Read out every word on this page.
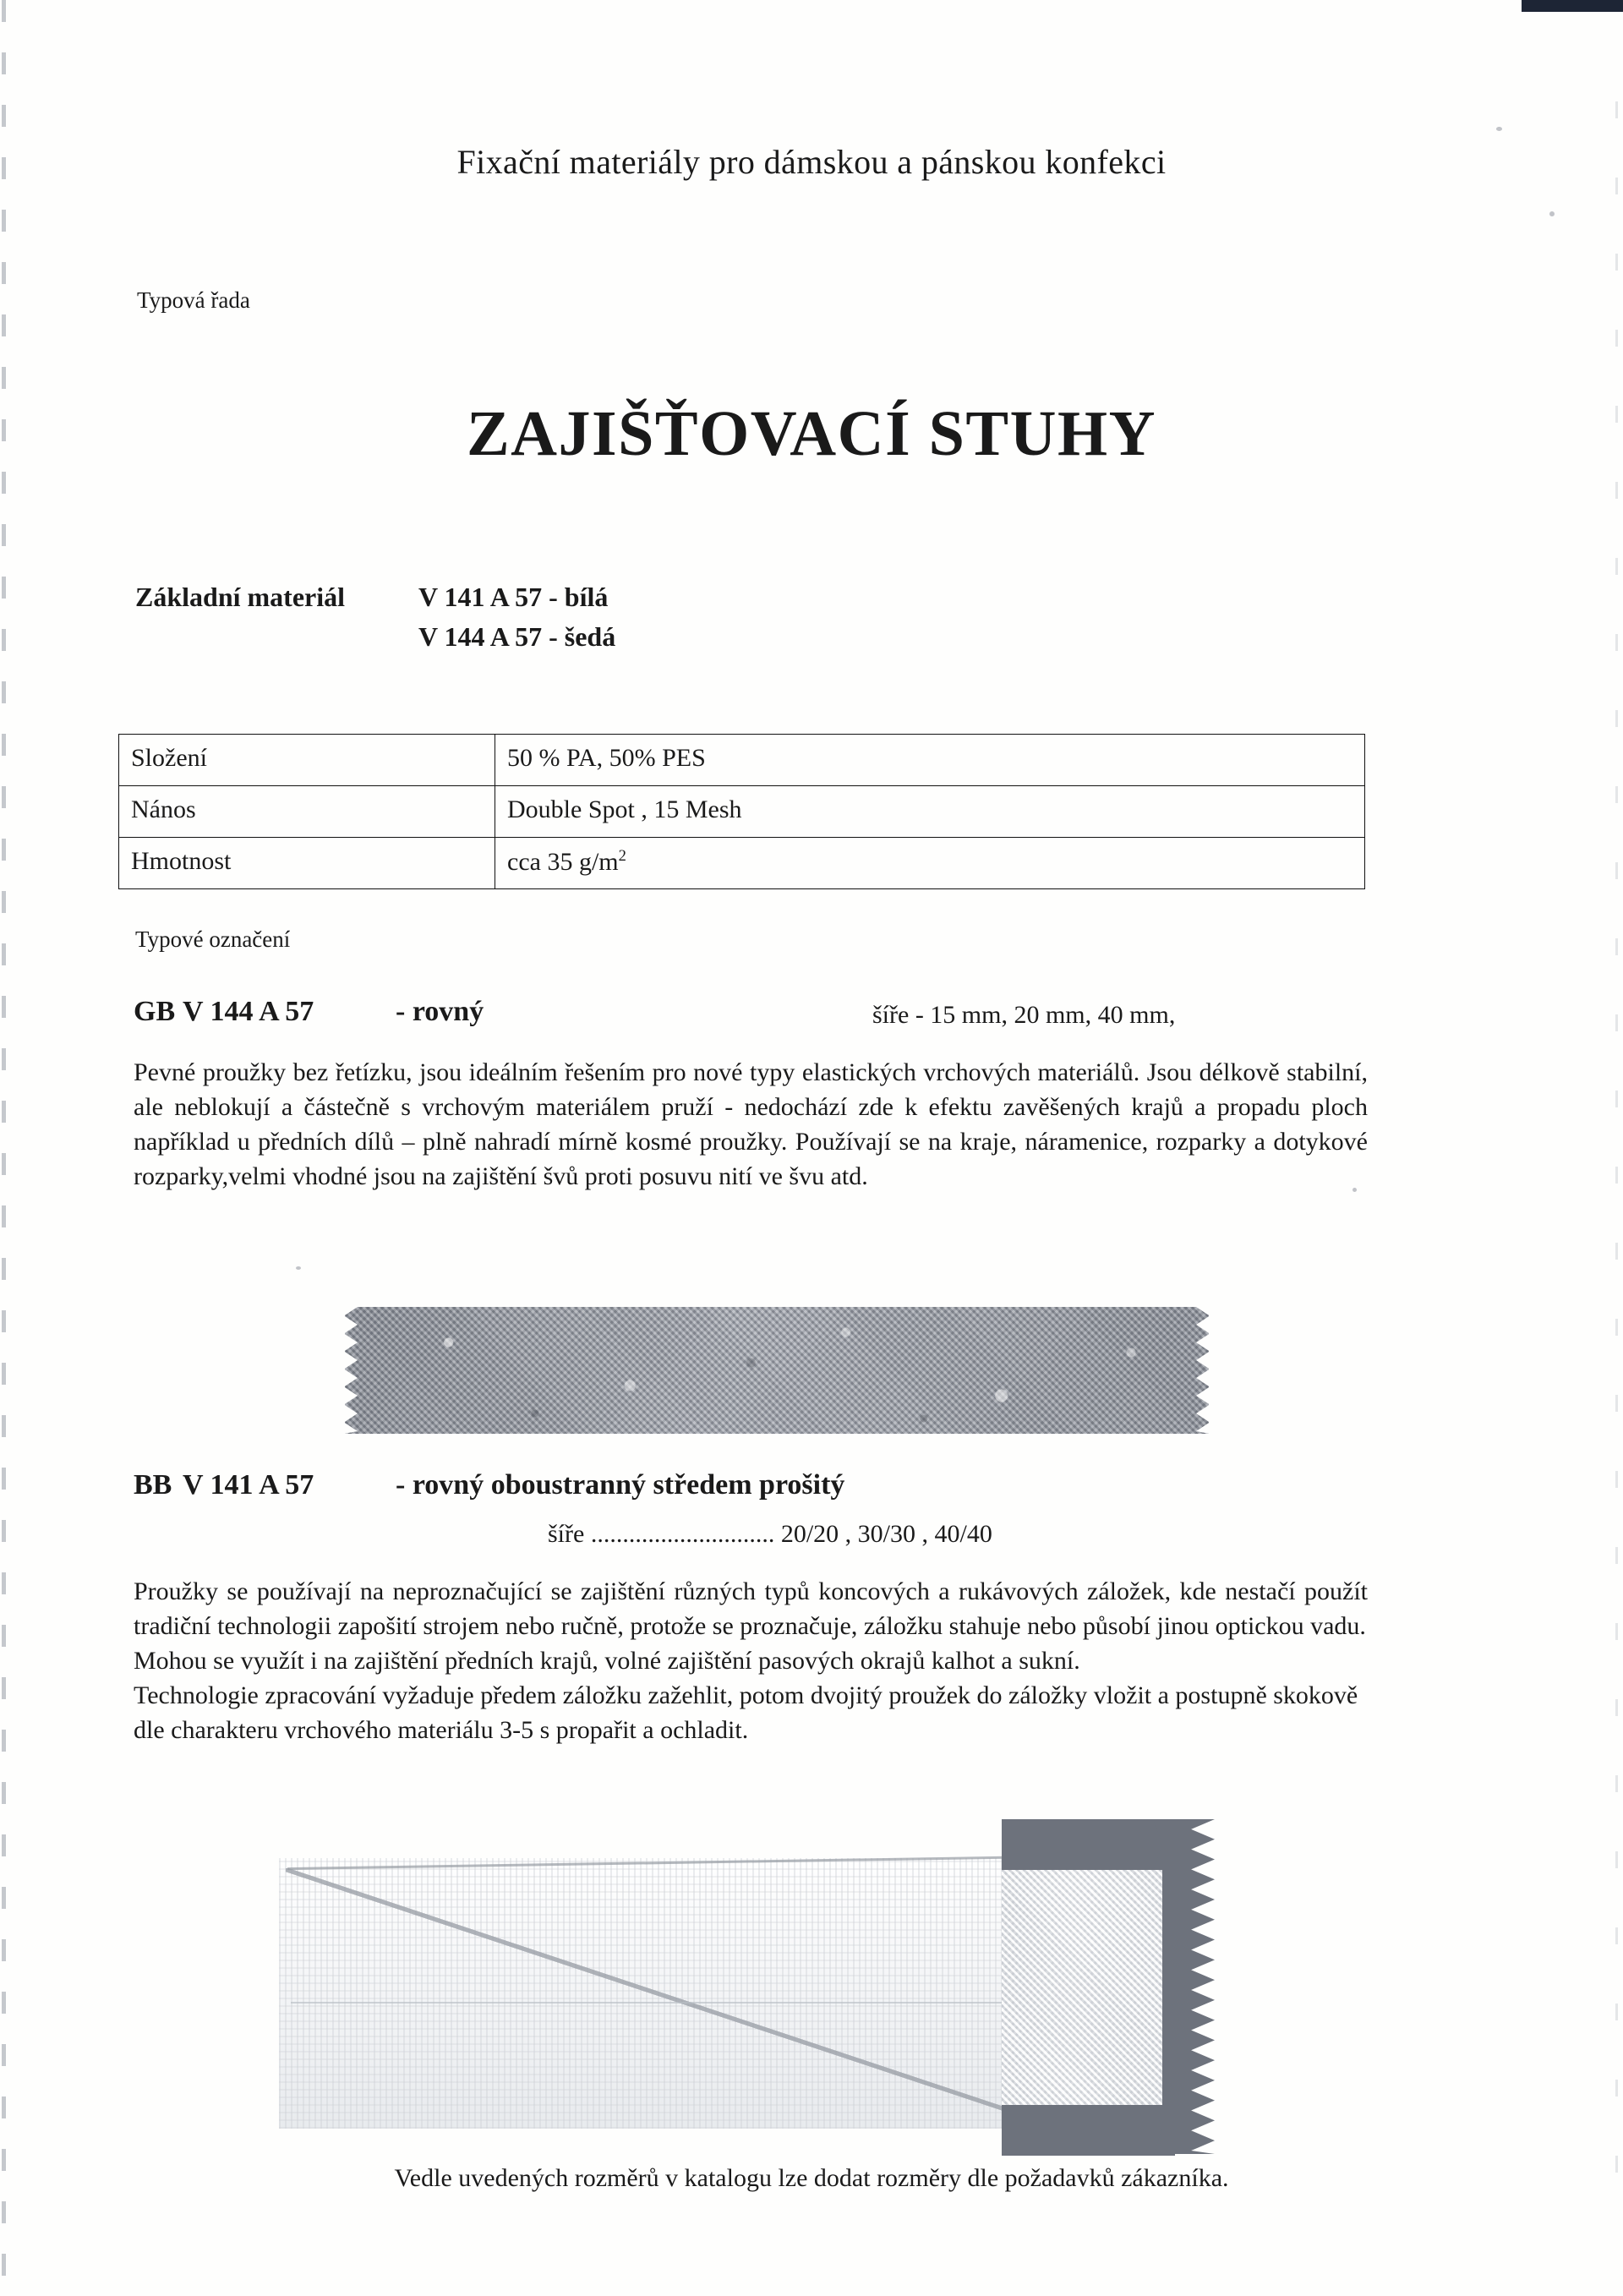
Fixační materiály pro dámskou a pánskou konfekci
Typová řada
ZAJIŠŤOVACÍ STUHY
Základní materiál	V 141 A 57 - bílá
V 144 A 57 - šedá
Složení	50 % PA, 50% PES
Nános	Double Spot , 15 Mesh
Hmotnost	cca 35 $g/m^2$
Typové označení
GB V 144 A 57	- rovný	šíře - 15 mm, 20 mm, 40 mm,
Pevné proužky bez řetízku, jsou ideálním řešením pro nové typy elastických vrchových materiálů. Jsou délkově stabilní, ale neblokují a částečně s vrchovým materiálem pruží - nedochází zde k efektu zavěšených krajů a propadu ploch například u předních dílů – plně nahradí mírně kosmé proužky. Používají se na kraje, náramenice, rozparky a dotykové rozparky,velmi vhodné jsou na zajištění švů proti posuvu nití ve švu atd.
BB V 141 A 57	- rovný oboustranný středem prošitý
šíře ............................. 20/20 , 30/30 , 40/40

Proužky se používají na neproznačující se zajištění různých typů koncových a rukávových záložek, kde nestačí použít tradiční technologii zapošití strojem nebo ručně, protože se proznačuje, záložku stahuje nebo působí jinou optickou vadu.

Mohou se využít i na zajištění předních krajů, volné zajištění pasových okrajů kalhot a sukní.

Technologie zpracování vyžaduje předem záložku zažehlit, potom dvojitý proužek do záložky vložit a postupně skokově dle charakteru vrchového materiálu 3-5 s propařit a ochladit.

Vedle uvedených rozměrů v katalogu lze dodat rozměry dle požadavků zákazníka.
